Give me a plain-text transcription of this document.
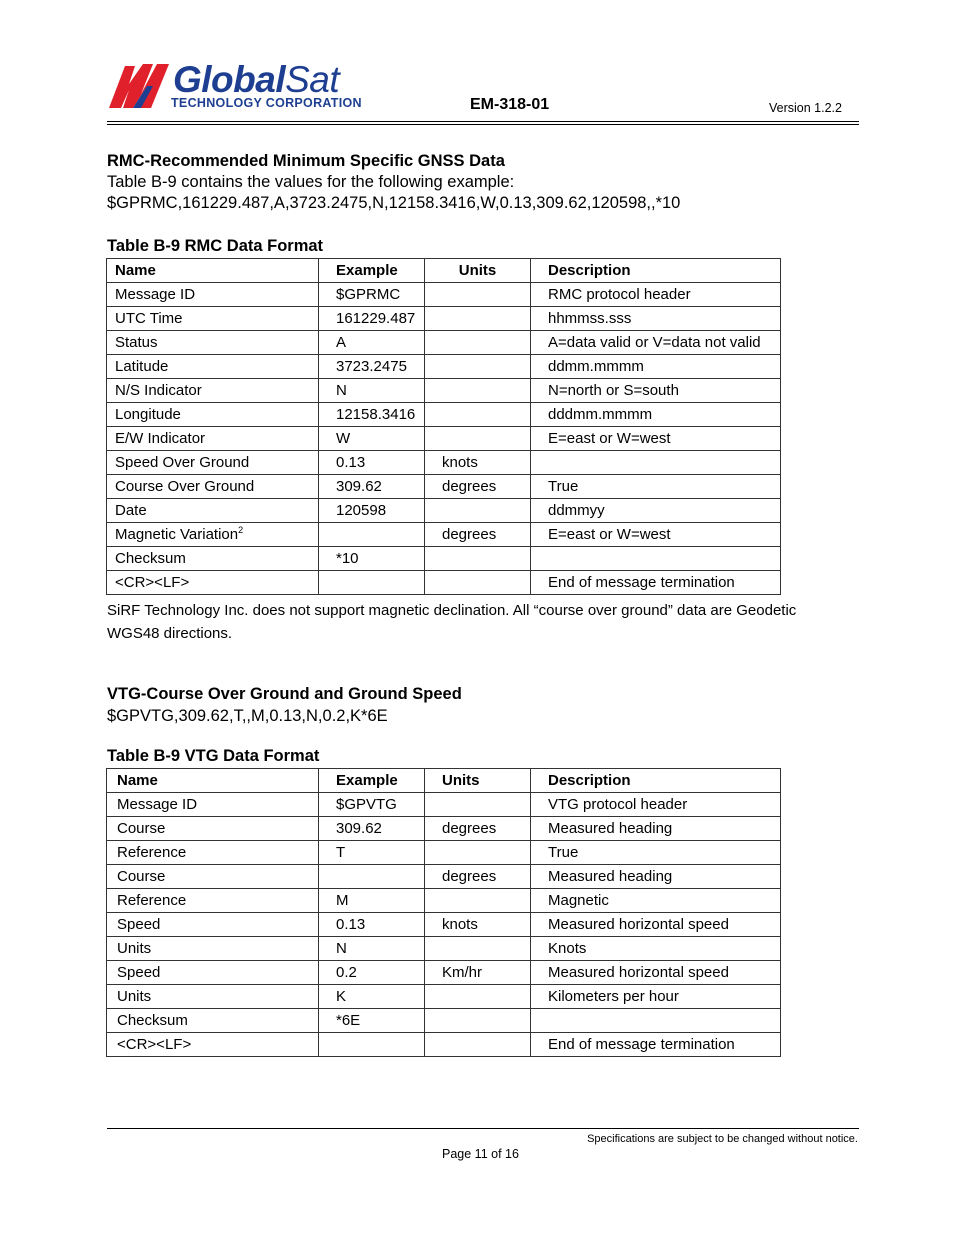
GlobalSat
TECHNOLOGY CORPORATION	EM-318-01	Version 1.2.2
RMC-Recommended Minimum Specific GNSS Data
Table B-9 contains the values for the following example:
$GPRMC,161229.487,A,3723.2475,N,12158.3416,W,0.13,309.62,120598,,*10
Table B-9 RMC Data Format
Name	Example	Units	Description
Message ID	$GPRMC		RMC protocol header
UTC Time	161229.487		hhmmss.sss
Status	A		A=data valid or V=data not valid
Latitude	3723.2475		ddmm.mmmm
N/S Indicator	N		N=north or S=south
Longitude	12158.3416		dddmm.mmmm
E/W Indicator	W		E=east or W=west
Speed Over Ground	0.13	knots	
Course Over Ground	309.62	degrees	True
Date	120598		ddmmyy
Magnetic Variation$^2$		degrees	E=east or W=west
Checksum	*10		
<CR><LF>			End of message termination
SiRF Technology Inc. does not support magnetic declination. All “course over ground” data are Geodetic WGS48 directions.
VTG-Course Over Ground and Ground Speed
$GPVTG,309.62,T,,M,0.13,N,0.2,K*6E
Table B-9 VTG Data Format
Name	Example	Units	Description
Message ID	$GPVTG		VTG protocol header
Course	309.62	degrees	Measured heading
Reference	T		True
Course		degrees	Measured heading
Reference	M		Magnetic
Speed	0.13	knots	Measured horizontal speed
Units	N		Knots
Speed	0.2	Km/hr	Measured horizontal speed
Units	K		Kilometers per hour
Checksum	*6E		
<CR><LF>			End of message termination
Specifications are subject to be changed without notice.
Page 11 of 16
